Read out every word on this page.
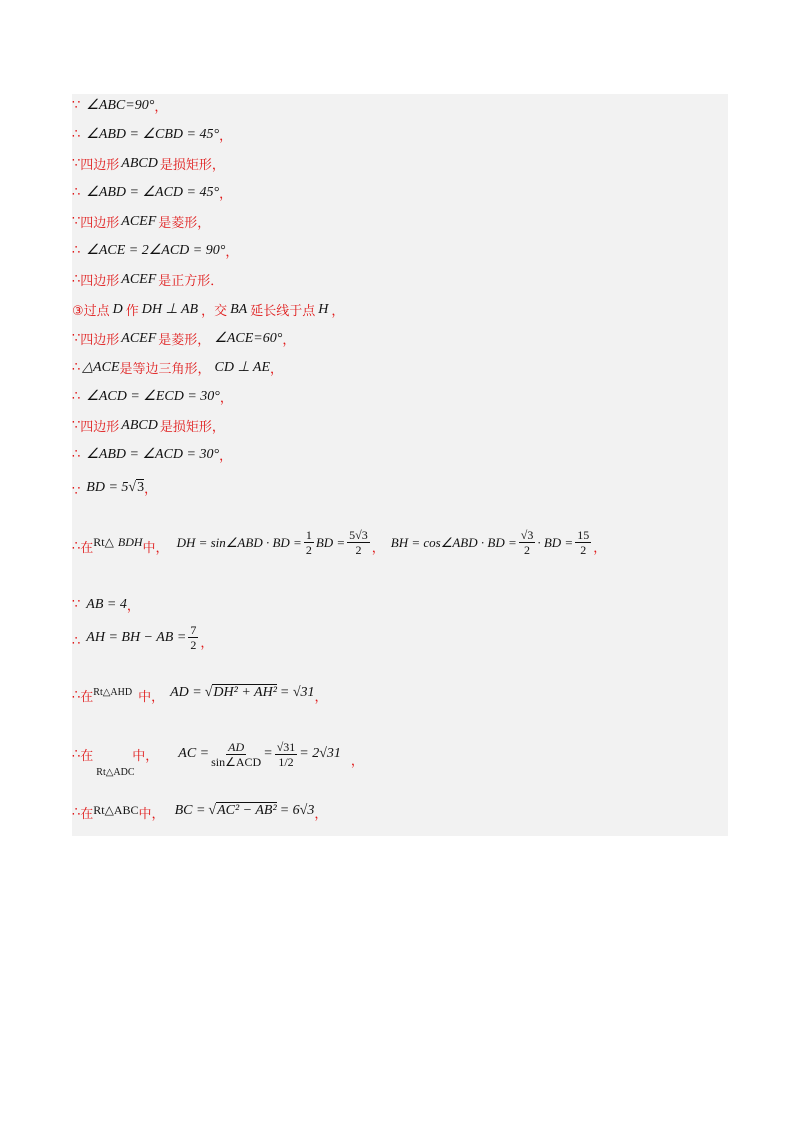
∵ ∠ABC=90° ，
∴ ∠ABD = ∠CBD = 45° ，
∵ 四边形 ABCD 是损矩形，
∴ ∠ABD = ∠ACD = 45° ，
∵ 四边形 ACEF 是菱形，
∴ ∠ACE = 2∠ACD = 90° ，
∴ 四边形 ACEF 是正方形．
③过点 D 作 DH ⊥ AB ，交 BA 延长线于点 H ，
∵ 四边形 ACEF 是菱形， ∠ACE=60° ，
∴ △ACE 是等边三角形， CD ⊥ AE ，
∴ ∠ACD = ∠ECD = 30° ，
∵ 四边形 ABCD 是损矩形，
∴ ∠ABD = ∠ACD = 30° ，
∵ BD = 5 √ 3 ，
∴ 在 Rt△ BDH 中， DH = sin∠ABD · BD = $\frac{1}{2}$ BD = $\frac{5√3}{2}$ ， BH = cos∠ABD · BD = $\frac{√3}{2}$ · BD = $\frac{15}{2}$ ，
∵ AB = 4 ，
∴ AH = BH − AB = $\frac{7}{2}$ ，
∴ 在 Rt△AHD 中， AD = √ DH² + AH² = √31 ，
∴ 在	中，
Rt△ADC
AC = $\frac{AD}{\text{sin∠ACD}} = \frac{√31}{1/2} = 2√31$ ，
∴ 在 Rt△ABC 中， BC = √ AC² − AB² = 6√3 ，
